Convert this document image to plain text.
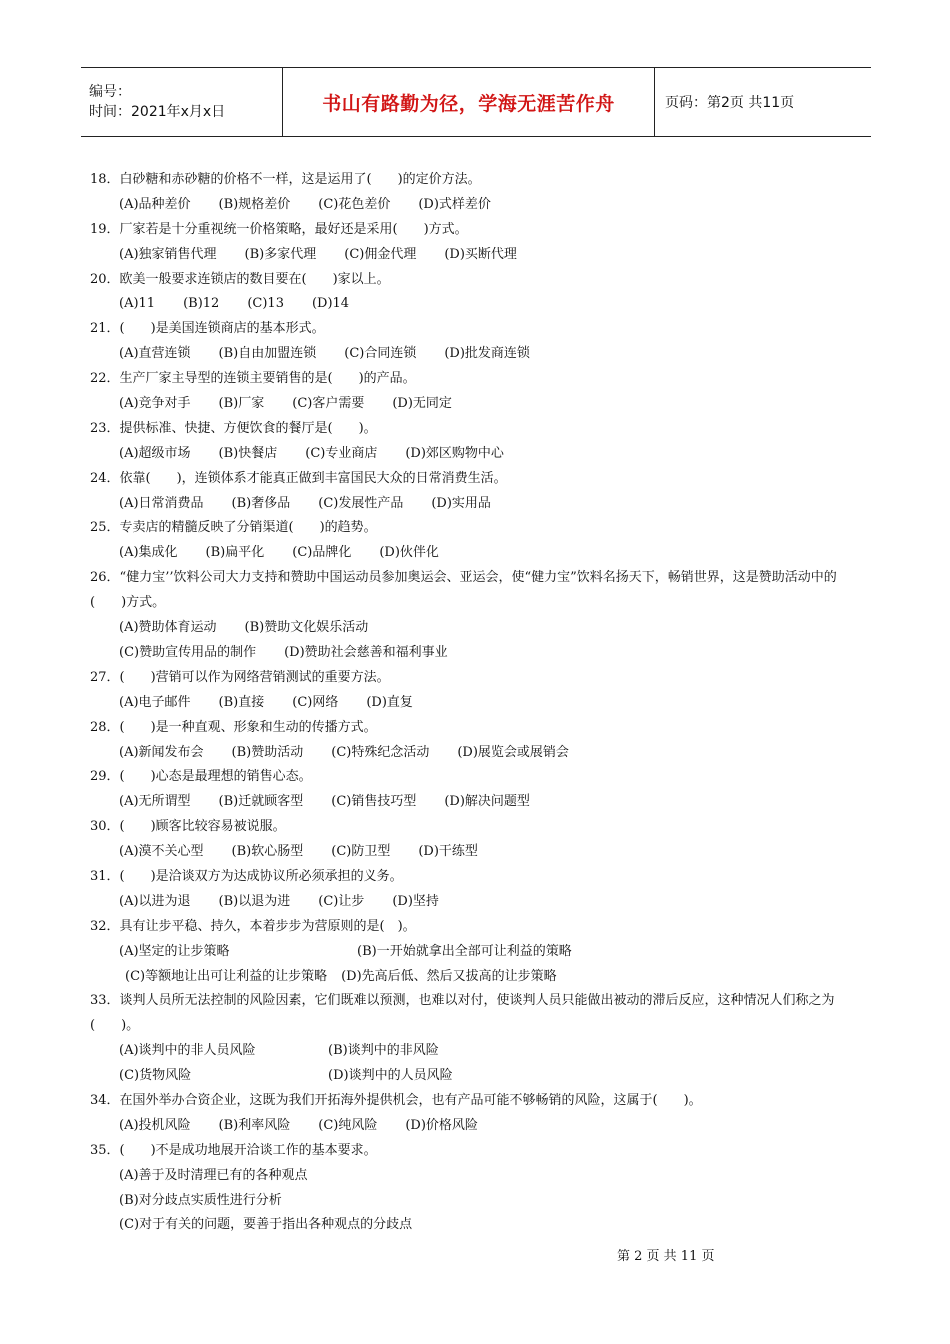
编号：
时间：2021年x月x日	书山有路勤为径，学海无涯苦作舟	页码：第2页 共11页
18．白砂糖和赤砂糖的价格不一样，这是运用了(　　)的定价方法。
(A)品种差价 (B)规格差价 (C)花色差价 (D)式样差价
19．厂家若是十分重视统一价格策略，最好还是采用(　　)方式。
(A)独家销售代理 (B)多家代理 (C)佣金代理 (D)买断代理
20．欧美一般要求连锁店的数目要在(　　)家以上。
(A)11 (B)12 (C)13 (D)14
21．(　　)是美国连锁商店的基本形式。
(A)直营连锁 (B)自由加盟连锁 (C)合同连锁 (D)批发商连锁
22．生产厂家主导型的连锁主要销售的是(　　)的产品。
(A)竞争对手 (B)厂家 (C)客户需要 (D)无同定
23．提供标准、快捷、方便饮食的餐厅是(　　)。
(A)超级市场 (B)快餐店 (C)专业商店 (D)郊区购物中心
24．依靠(　　)，连锁体系才能真正做到丰富国民大众的日常消费生活。
(A)日常消费品 (B)奢侈品 (C)发展性产品 (D)实用品
25．专卖店的精髓反映了分销渠道(　　)的趋势。
(A)集成化 (B)扁平化 (C)品牌化 (D)伙伴化
26．“健力宝’’饮料公司大力支持和赞助中国运动员参加奥运会、亚运会，使“健力宝”饮料名扬天下，畅销世界，这是赞助活动中的(　　)方式。
(A)赞助体育运动 (B)赞助文化娱乐活动
(C)赞助宣传用品的制作 (D)赞助社会慈善和福利事业
27．(　　)营销可以作为网络营销测试的重要方法。
(A)电子邮件 (B)直接 (C)网络 (D)直复
28．(　　)是一种直观、形象和生动的传播方式。
(A)新闻发布会 (B)赞助活动 (C)特殊纪念活动 (D)展览会或展销会
29．(　　)心态是最理想的销售心态。
(A)无所谓型 (B)迁就顾客型 (C)销售技巧型 (D)解决问题型
30．(　　)顾客比较容易被说服。
(A)漠不关心型 (B)软心肠型 (C)防卫型 (D)干练型
31．(　　)是洽谈双方为达成协议所必须承担的义务。
(A)以进为退 (B)以退为进 (C)让步 (D)坚持
32．具有让步平稳、持久，本着步步为营原则的是(　)。
(A)坚定的让步策略	(B)一开始就拿出全部可让利益的策略
(C)等额地让出可让利益的让步策略 (D)先高后低、然后又拔高的让步策略
33．谈判人员所无法控制的风险因素，它们既难以预测，也难以对付，使谈判人员只能做出被动的滞后反应，这种情况人们称之为(　　)。
(A)谈判中的非人员风险	(B)谈判中的非风险
(C)货物风险	(D)谈判中的人员风险
34．在国外举办合资企业，这既为我们开拓海外提供机会，也有产品可能不够畅销的风险，这属于(　　)。
(A)投机风险 (B)利率风险 (C)纯风险 (D)价格风险
35．(　　)不是成功地展开洽谈工作的基本要求。
(A)善于及时清理已有的各种观点
(B)对分歧点实质性进行分析
(C)对于有关的问题，要善于指出各种观点的分歧点
第 2 页 共 11 页
